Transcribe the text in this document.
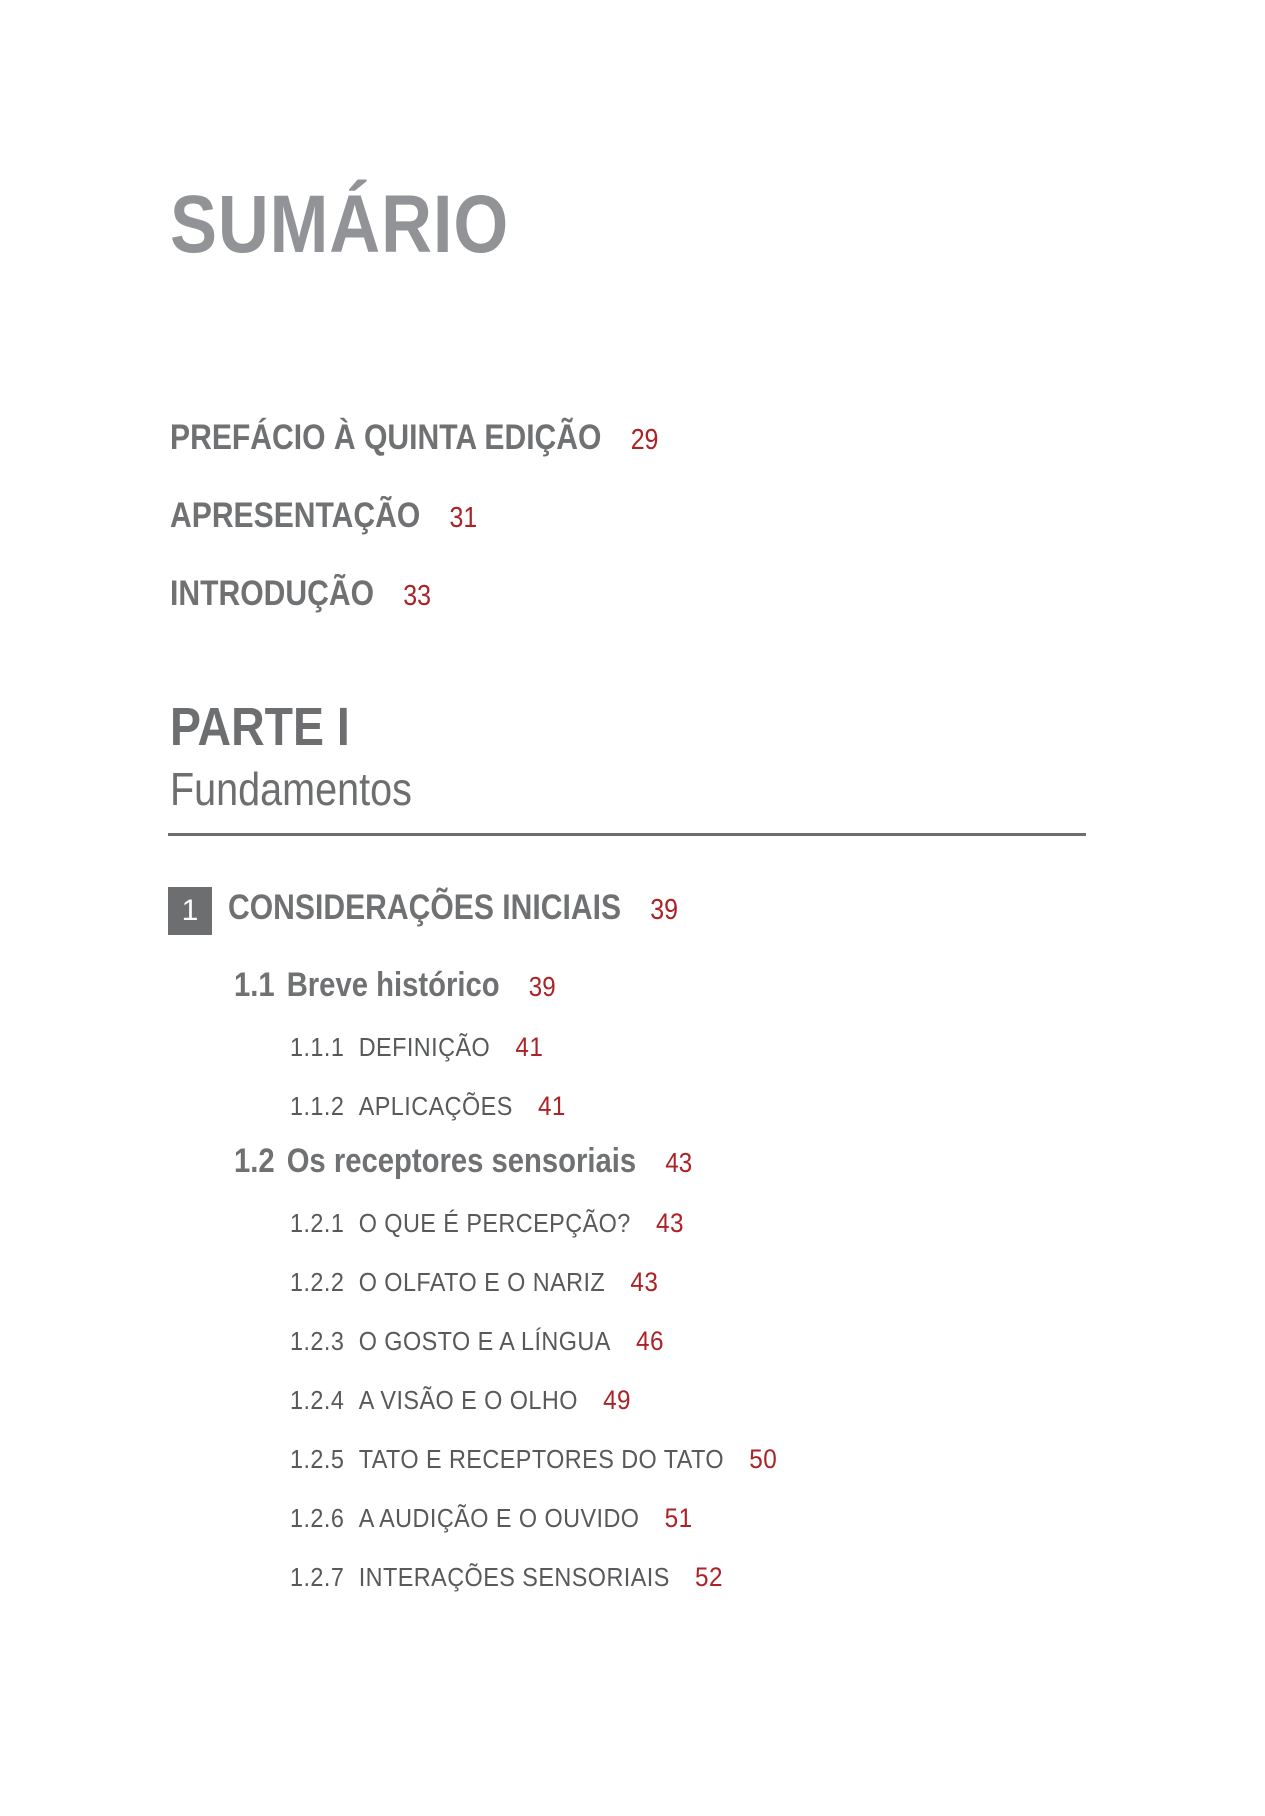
SUMÁRIO
PREFÁCIO À QUINTA EDIÇÃO 29
APRESENTAÇÃO 31
INTRODUÇÃO 33
PARTE I
Fundamentos
1 CONSIDERAÇÕES INICIAIS 39
1.1 Breve histórico 39
1.1.1 DEFINIÇÃO 41
1.1.2 APLICAÇÕES 41
1.2 Os receptores sensoriais 43
1.2.1 O QUE É PERCEPÇÃO? 43
1.2.2 O OLFATO E O NARIZ 43
1.2.3 O GOSTO E A LÍNGUA 46
1.2.4 A VISÃO E O OLHO 49
1.2.5 TATO E RECEPTORES DO TATO 50
1.2.6 A AUDIÇÃO E O OUVIDO 51
1.2.7 INTERAÇÕES SENSORIAIS 52
